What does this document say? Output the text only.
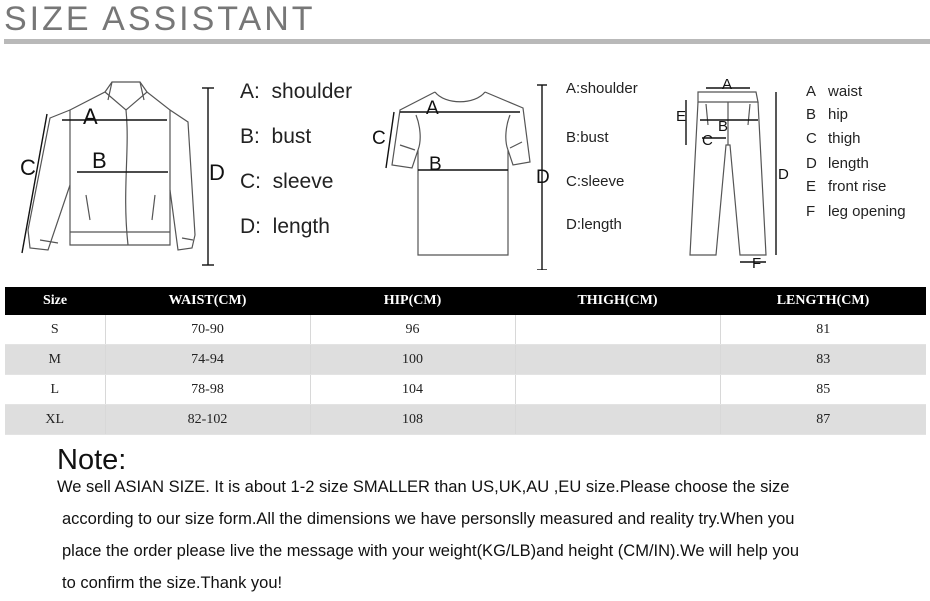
SIZE ASSISTANT
A
B
C	D
A: shoulder
B: bust
C: sleeve
D: length
A
B
C
D
A:shoulder
B:bust
C:sleeve
D:length
A
B
C
D
E
F
A waist
B hip
C thigh
D length
E front rise
F leg opening
Size	WAIST(CM)	HIP(CM)	THIGH(CM)	LENGTH(CM)
S	70-90	96		81
M	74-94	100		83
L	78-98	104		85
XL	82-102	108		87
Note:
We sell ASIAN SIZE. It is about 1-2 size SMALLER than US,UK,AU ,EU size.Please choose the size
according to our size form.All the dimensions we have personslly measured and reality try.When you
place the order please live the message with your weight(KG/LB)and height (CM/IN).We will help you
to confirm the size.Thank you!
